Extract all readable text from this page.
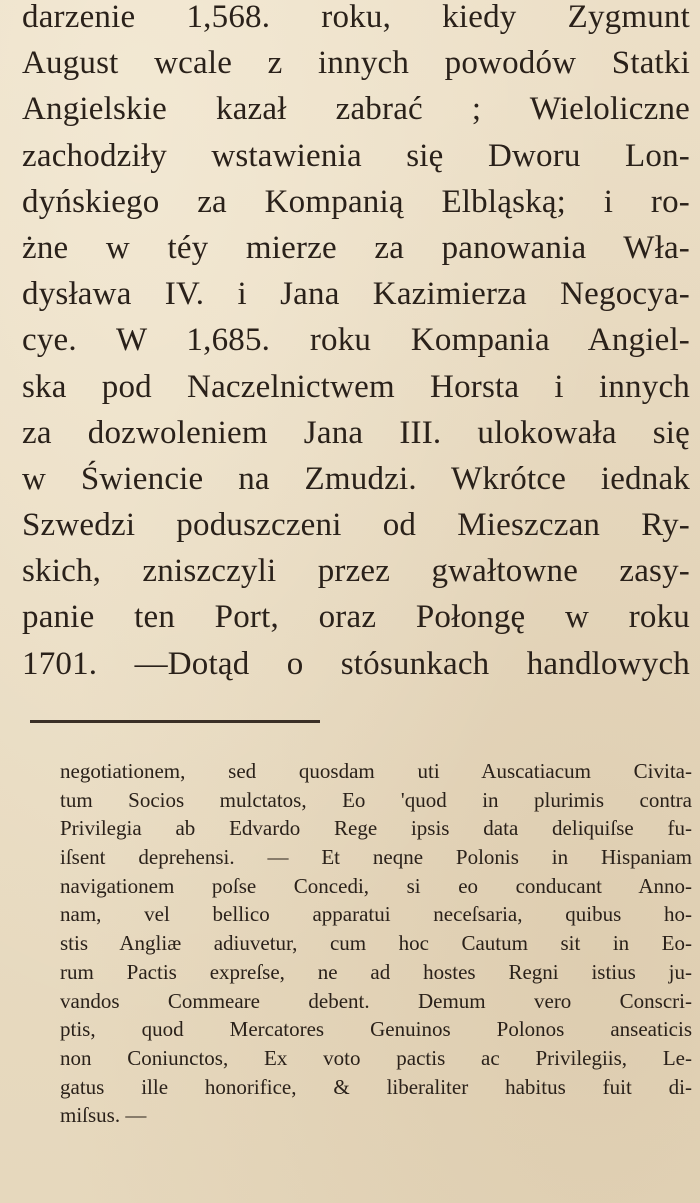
darzenie 1,568. roku, kiedy Zygmunt
August wcale z innych powodów Statki
Angielskie kazał zabrać ; Wieloliczne
zachodziły wstawienia się Dworu Lon-
dyńskiego za Kompanią Elbląską; i ro-
żne w téy mierze za panowania Wła-
dysława IV. i Jana Kazimierza Negocya-
cye. W 1,685. roku Kompania Angiel-
ska pod Naczelnictwem Horsta i innych
za dozwoleniem Jana III. ulokowała się
w Świencie na Zmudzi. Wkrótce iednak
Szwedzi poduszczeni od Mieszczan Ry-
skich, zniszczyli przez gwałtowne zasy-
panie ten Port, oraz Połongę w roku
1701. —Dotąd o stósunkach handlowych
negotiationem, sed quosdam uti Auscatiacum Civita-
tum Socios mulctatos, Eo 'quod in plurimis contra
Privilegia ab Edvardo Rege ipsis data deliquiſse fu-
iſsent deprehensi. — Et neqne Polonis in Hispaniam
navigationem poſse Concedi, si eo conducant Anno-
nam, vel bellico apparatui neceſsaria, quibus ho-
stis Angliæ adiuvetur, cum hoc Cautum sit in Eo-
rum Pactis expreſse, ne ad hostes Regni istius ju-
vandos Commeare debent. Demum vero Conscri-
ptis, quod Mercatores Genuinos Polonos anseaticis
non Coniunctos, Ex voto pactis ac Privilegiis, Le-
gatus ille honorifice, & liberaliter habitus fuit di-
miſsus. —
